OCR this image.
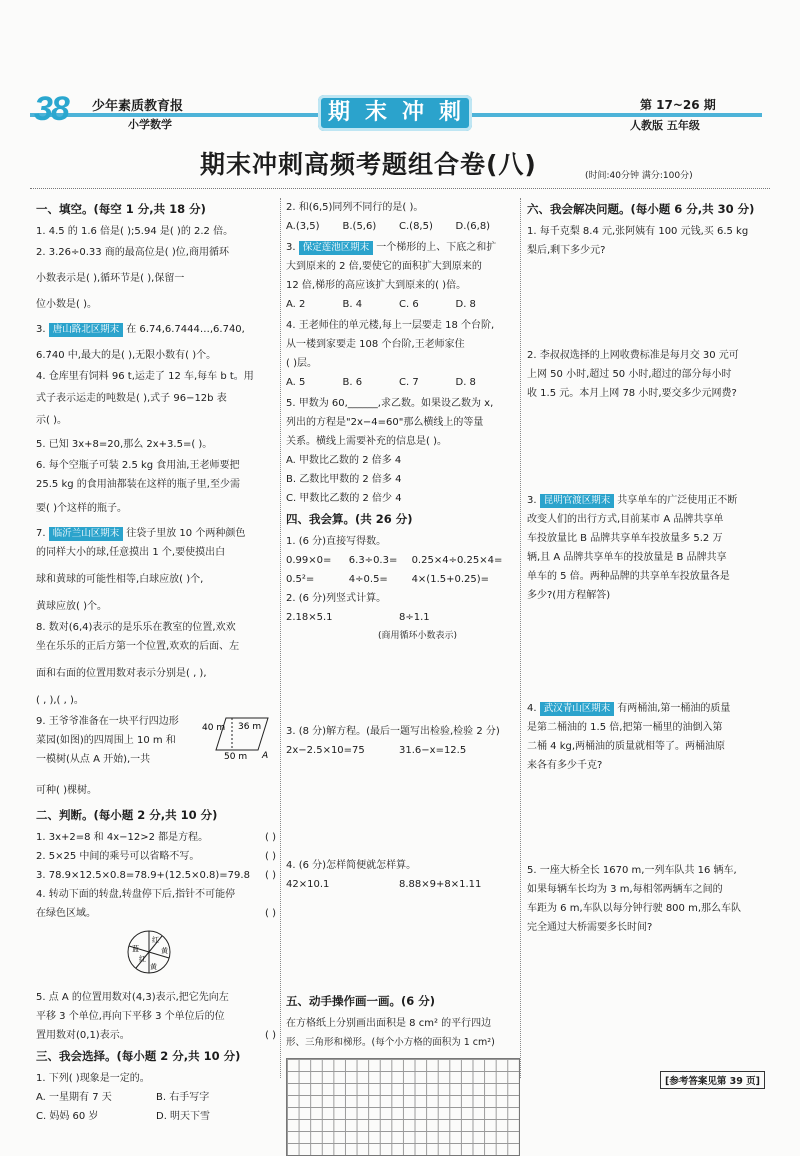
38	少年素质教育报
小学数学	期 末 冲 刺	第 17~26 期
人教版 五年级
期末冲刺高频考题组合卷(八)	(时间:40分钟 满分:100分)
一、填空。(每空 1 分,共 18 分)
1. 4.5 的 1.6 倍是( );5.94 是( )的 2.2 倍。
2. 3.26÷0.33 商的最高位是( )位,商用循环
小数表示是( ),循环节是( ),保留一
位小数是( )。
3. 唐山路北区期末 在 6.74,6.7444…,6.74̇0,
6.7̇40 中,最大的是( ),无限小数有( )个。
4. 仓库里有饲料 96 t,运走了 12 车,每车 b t。用
式子表示运走的吨数是( ),式子 96−12b 表
示( )。
5. 已知 3x+8=20,那么 2x+3.5=( )。
6. 每个空瓶子可装 2.5 kg 食用油,王老师要把
25.5 kg 的食用油都装在这样的瓶子里,至少需
要( )个这样的瓶子。
7. 临沂兰山区期末 往袋子里放 10 个两种颜色
的同样大小的球,任意摸出 1 个,要使摸出白
球和黄球的可能性相等,白球应放( )个,
黄球应放( )个。
8. 数对(6,4)表示的是乐乐在教室的位置,欢欢
坐在乐乐的正后方第一个位置,欢欢的后面、左
面和右面的位置用数对表示分别是( , ),
( , ),( , )。
9. 王爷爷准备在一块平行四边形
菜园(如图)的四周围上 10 m 和
一模树(从点 A 开始),一共
可种( )棵树。
40 m 36 m
50 m A
二、判断。(每小题 2 分,共 10 分)
1. 3x+2=8 和 4x−12>2 都是方程。	( )
2. 5×25 中间的乘号可以省略不写。	( )
3. 78.9×12.5×0.8=78.9+(12.5×0.8)=79.8	( )
4. 转动下面的转盘,转盘停下后,指针不可能停
在绿色区域。	( )
红
黄
红
黄
蓝
5. 点 A 的位置用数对(4,3)表示,把它先向左
平移 3 个单位,再向下平移 3 个单位后的位
置用数对(0,1)表示。	( )
三、我会选择。(每小题 2 分,共 10 分)
1. 下列( )现象是一定的。
A. 一星期有 7 天	B. 右手写字
C. 妈妈 60 岁	D. 明天下雪
2. 和(6,5)同列不同行的是( )。
A.(3,5)	B.(5,6)	C.(8,5)	D.(6,8)
3. 保定莲池区期末 一个梯形的上、下底之和扩
大到原来的 2 倍,要使它的面积扩大到原来的
12 倍,梯形的高应该扩大到原来的( )倍。
A. 2	B. 4	C. 6	D. 8
4. 王老师住的单元楼,每上一层要走 18 个台阶,
从一楼到家要走 108 个台阶,王老师家住
( )层。
A. 5	B. 6	C. 7	D. 8
5. 甲数为 60,______,求乙数。如果设乙数为 x,
列出的方程是"2x−4=60"那么横线上的等量
关系。横线上需要补充的信息是( )。
A. 甲数比乙数的 2 倍多 4
B. 乙数比甲数的 2 倍多 4
C. 甲数比乙数的 2 倍少 4
四、我会算。(共 26 分)
1. (6 分)直接写得数。
0.99×0=	6.3÷0.3=	0.25×4÷0.25×4=
0.5²=	4÷0.5=	4×(1.5+0.25)=
2. (6 分)列竖式计算。
2.18×5.1	8÷1.1
(商用循环小数表示)
3. (8 分)解方程。(最后一题写出检验,检验 2 分)
2x−2.5×10=75	31.6−x=12.5
4. (6 分)怎样简便就怎样算。
42×10.1	8.88×9+8×1.11
五、动手操作画一画。(6 分)
在方格纸上分别画出面积是 8 cm² 的平行四边
形、三角形和梯形。(每个小方格的面积为 1 cm²)
六、我会解决问题。(每小题 6 分,共 30 分)
1. 每千克梨 8.4 元,张阿姨有 100 元钱,买 6.5 kg
梨后,剩下多少元?
2. 李叔叔选择的上网收费标准是每月交 30 元可
上网 50 小时,超过 50 小时,超过的部分每小时
收 1.5 元。本月上网 78 小时,要交多少元网费?
3. 昆明官渡区期末 共享单车的广泛使用正不断
改变人们的出行方式,目前某市 A 品牌共享单
车投放量比 B 品牌共享单车投放量多 5.2 万
辆,且 A 品牌共享单车的投放量是 B 品牌共享
单车的 5 倍。两种品牌的共享单车投放量各是
多少?(用方程解答)
4. 武汉青山区期末 有两桶油,第一桶油的质量
是第二桶油的 1.5 倍,把第一桶里的油倒入第
二桶 4 kg,两桶油的质量就相等了。两桶油原
来各有多少千克?
5. 一座大桥全长 1670 m,一列车队共 16 辆车,
如果每辆车长均为 3 m,每相邻两辆车之间的
车距为 6 m,车队以每分钟行驶 800 m,那么车队
完全通过大桥需要多长时间?
[参考答案见第 39 页]
